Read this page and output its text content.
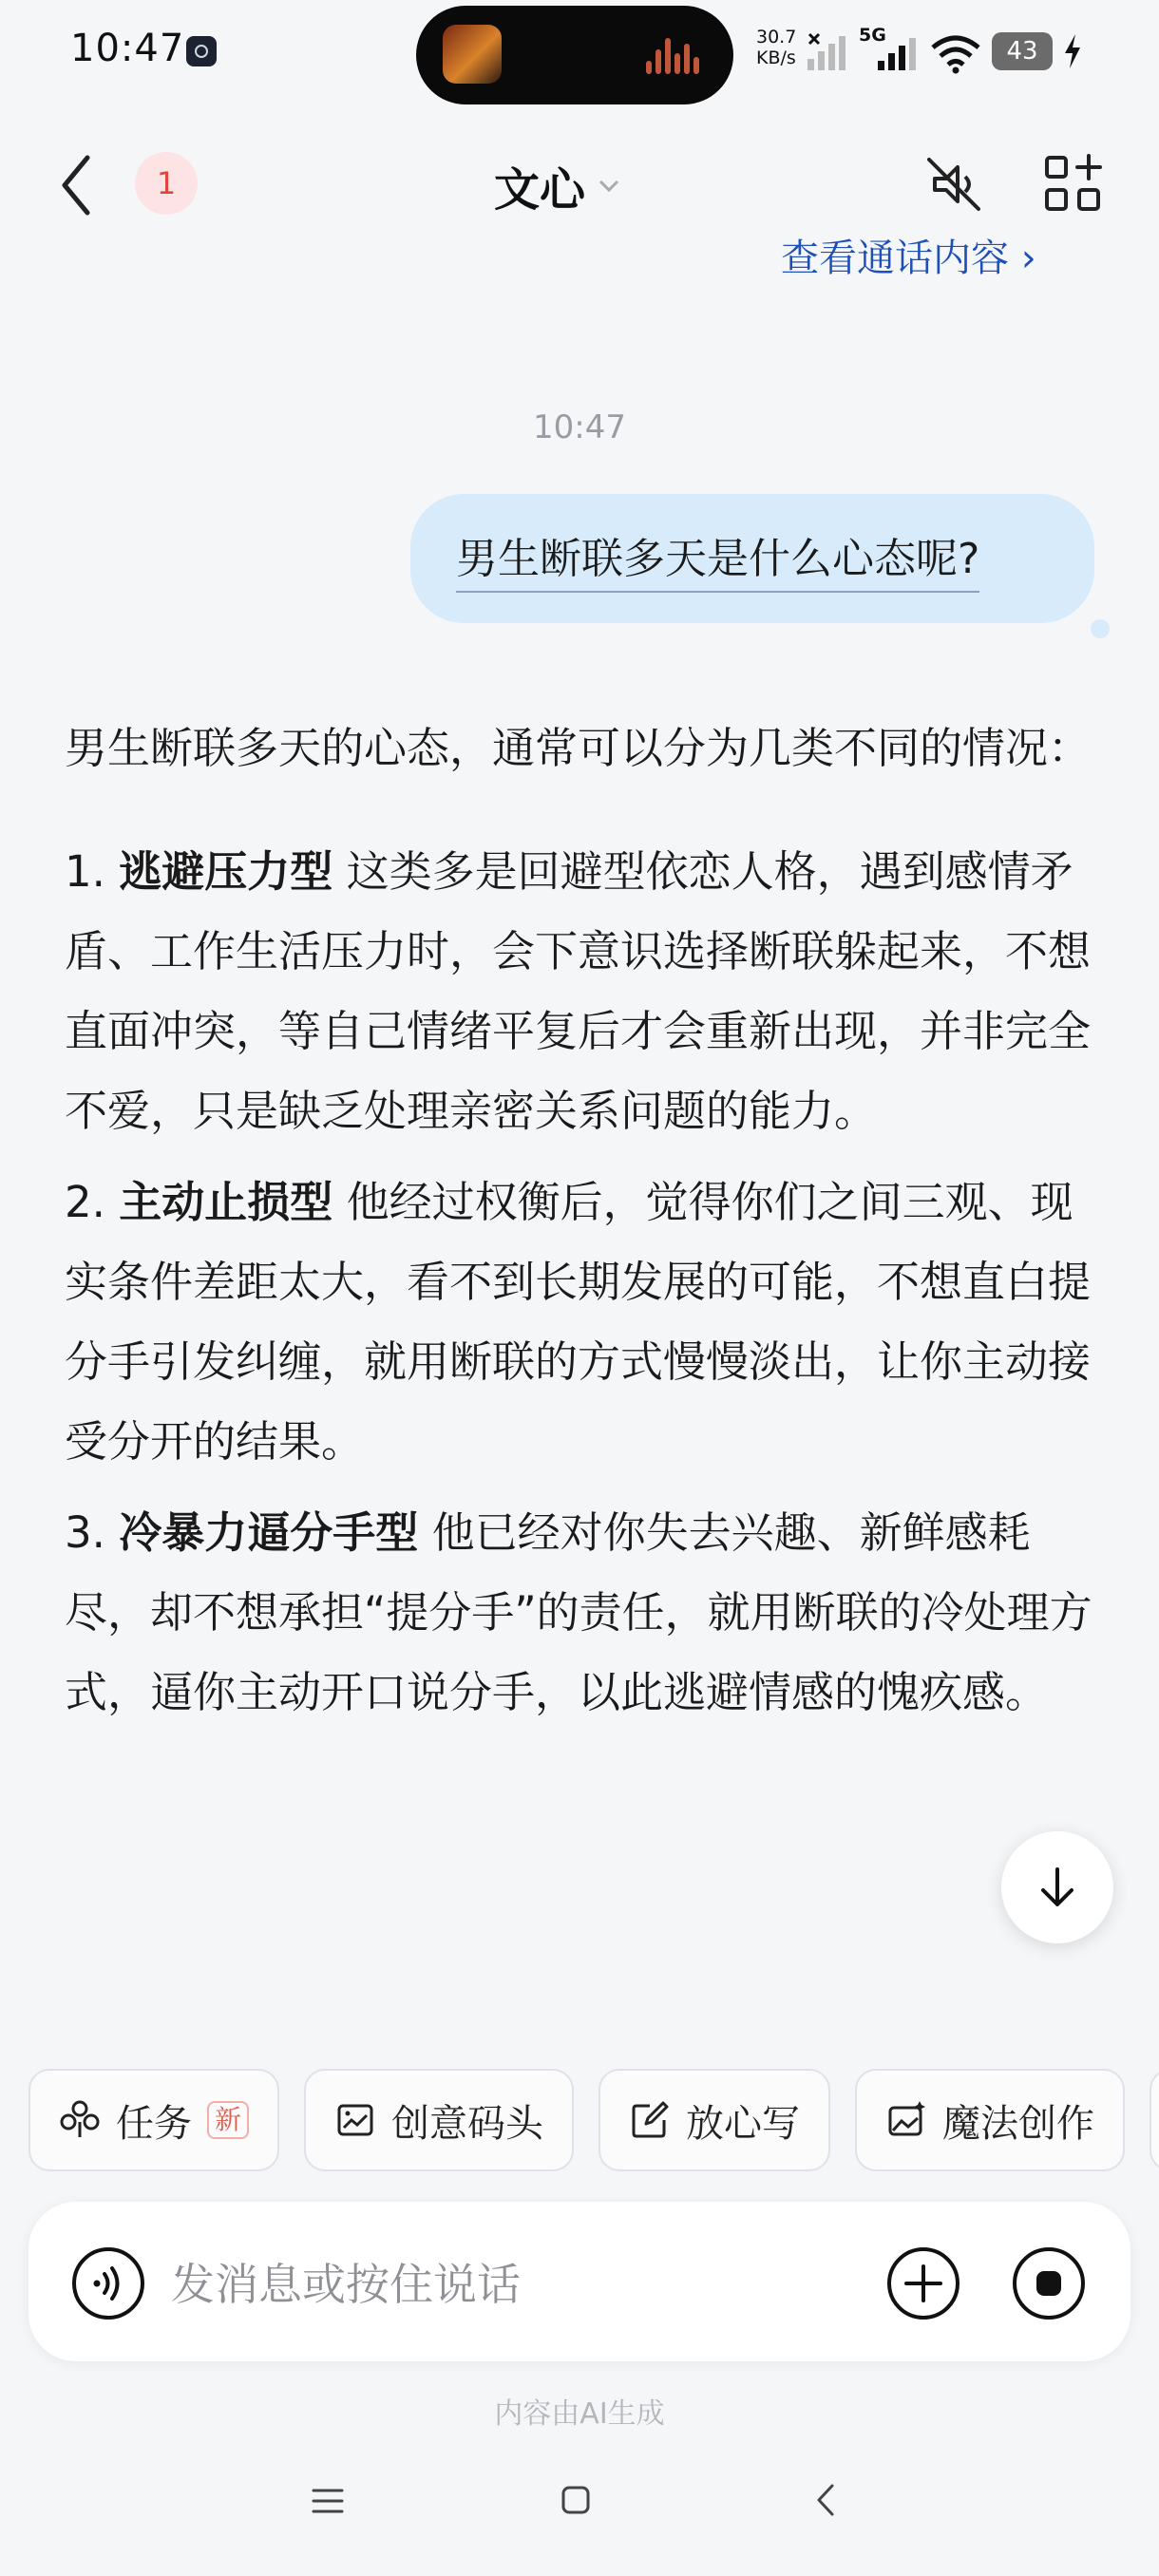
10:47	30.7
KB/s
5G
43
1	文心
查看通话内容 ›
10:47
男生断联多天是什么心态呢?

男生断联多天的心态，通常可以分为几类不同的情况：

1. 逃避压力型 这类多是回避型依恋人格，遇到感情矛盾、工作生活压力时，会下意识选择断联躲起来，不想直面冲突，等自己情绪平复后才会重新出现，并非完全不爱，只是缺乏处理亲密关系问题的能力。

2. 主动止损型 他经过权衡后，觉得你们之间三观、现实条件差距太大，看不到长期发展的可能，不想直白提分手引发纠缠，就用断联的方式慢慢淡出，让你主动接受分开的结果。

3. 冷暴力逼分手型 他已经对你失去兴趣、新鲜感耗尽，却不想承担“提分手”的责任，就用断联的冷处理方式，逼你主动开口说分手，以此逃避情感的愧疚感。

任务 新	创意码头	放心写	魔法创作
发消息或按住说话
内容由AI生成
